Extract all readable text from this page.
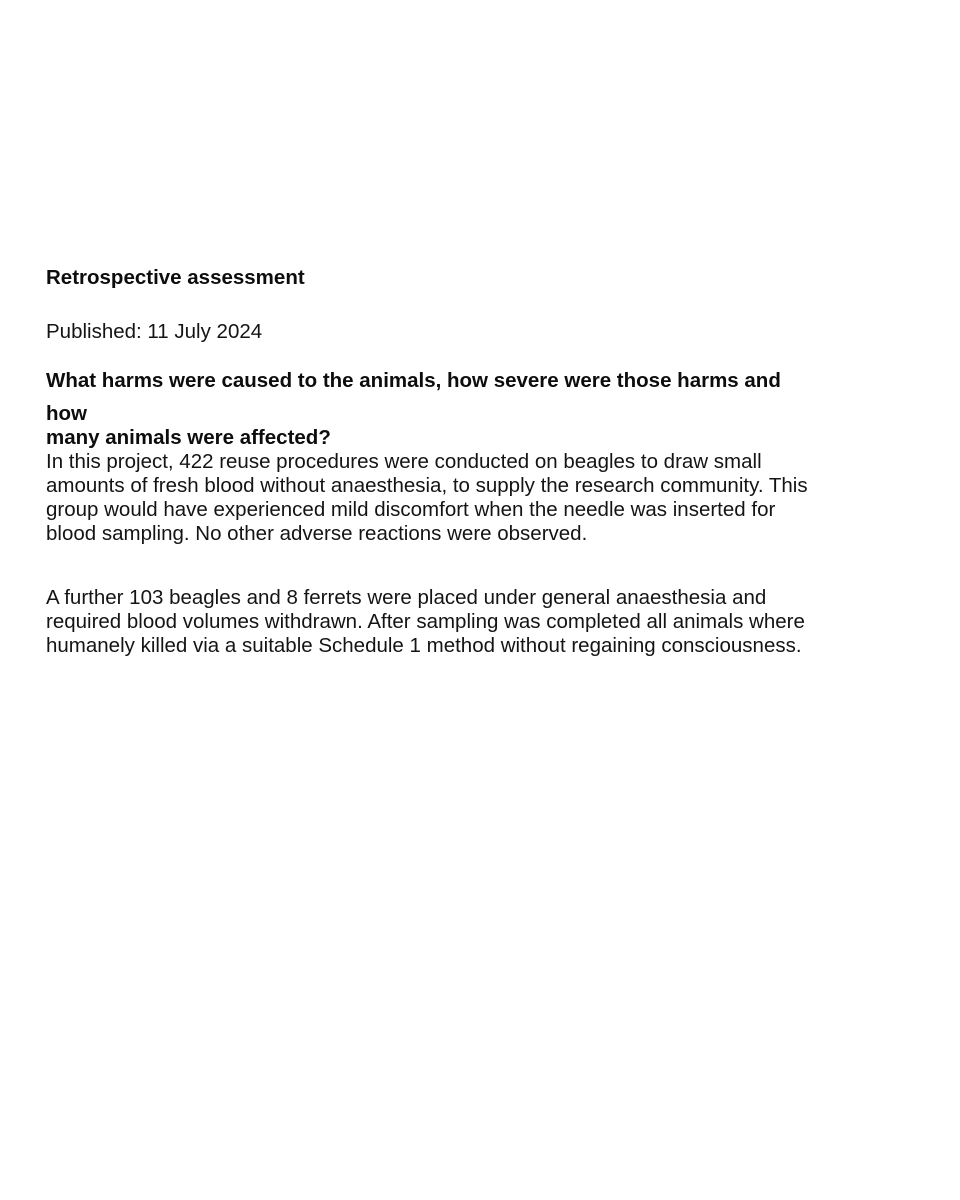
Retrospective assessment
Published: 11 July 2024
What harms were caused to the animals, how severe were those harms and
how
many animals were affected?
In this project, 422 reuse procedures were conducted on beagles to draw small
amounts of fresh blood without anaesthesia, to supply the research community. This
group would have experienced mild discomfort when the needle was inserted for
blood sampling. No other adverse reactions were observed.
A further 103 beagles and 8 ferrets were placed under general anaesthesia and
required blood volumes withdrawn. After sampling was completed all animals where
humanely killed via a suitable Schedule 1 method without regaining consciousness.
